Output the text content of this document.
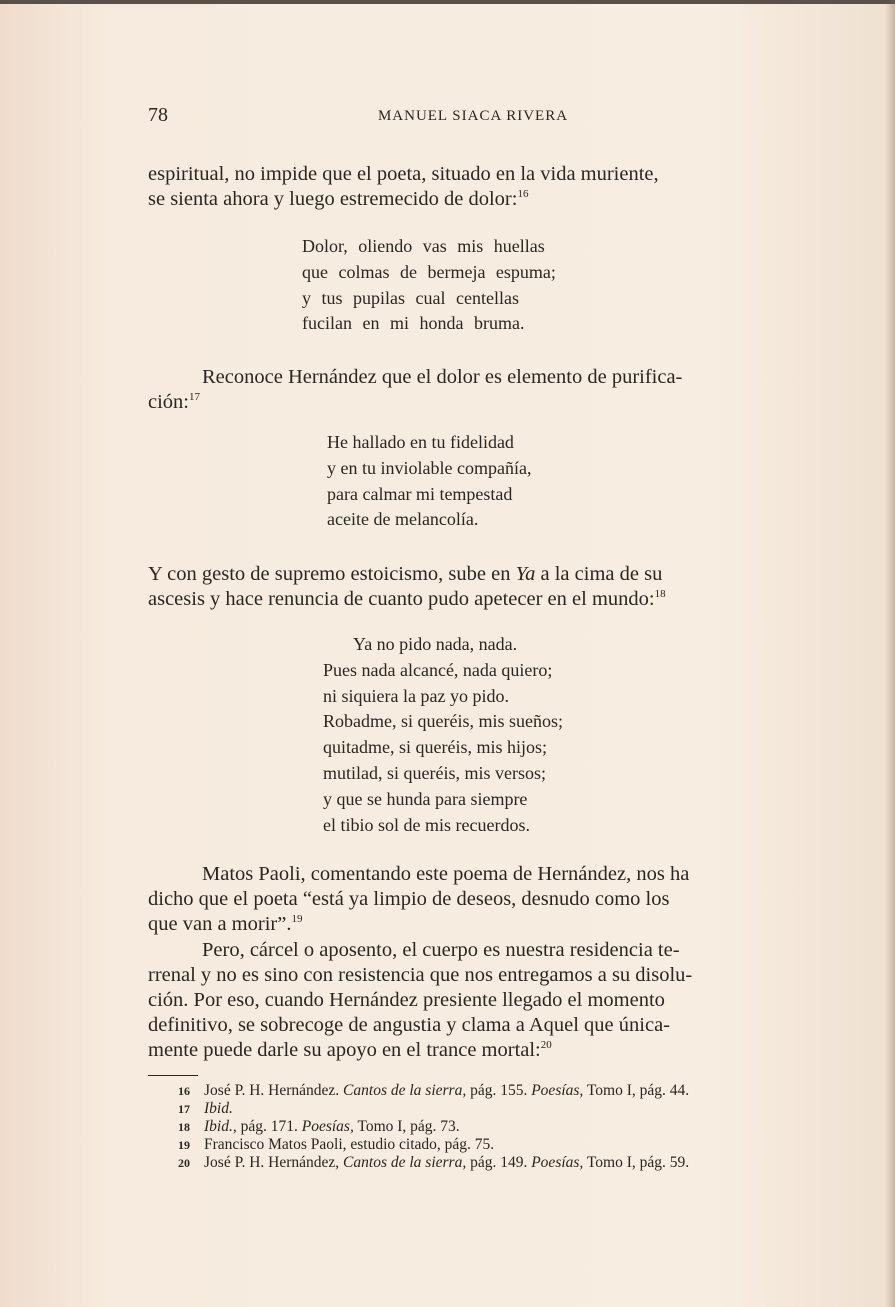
78	MANUEL SIACA RIVERA

espiritual, no impide que el poeta, situado en la vida muriente,
se sienta ahora y luego estremecido de dolor:$^{16}$

Dolor, oliendo vas mis huellas
que colmas de bermeja espuma;
y tus pupilas cual centellas
fucilan en mi honda bruma.

Reconoce Hernández que el dolor es elemento de purifica-
ción:$^{17}$

He hallado en tu fidelidad
y en tu inviolable compañía,
para calmar mi tempestad
aceite de melancolía.

Y con gesto de supremo estoicismo, sube en Ya a la cima de su
ascesis y hace renuncia de cuanto pudo apetecer en el mundo:$^{18}$

Ya no pido nada, nada.
Pues nada alcancé, nada quiero;
ni siquiera la paz yo pido.
Robadme, si queréis, mis sueños;
quitadme, si queréis, mis hijos;
mutilad, si queréis, mis versos;
y que se hunda para siempre
el tibio sol de mis recuerdos.

Matos Paoli, comentando este poema de Hernández, nos ha
dicho que el poeta “está ya limpio de deseos, desnudo como los
que van a morir”.$^{19}$

Pero, cárcel o aposento, el cuerpo es nuestra residencia te-
rrenal y no es sino con resistencia que nos entregamos a su disolu-
ción. Por eso, cuando Hernández presiente llegado el momento
definitivo, se sobrecoge de angustia y clama a Aquel que única-
mente puede darle su apoyo en el trance mortal:$^{20}$

16 José P. H. Hernández. Cantos de la sierra, pág. 155. Poesías, Tomo I, pág. 44.
17 Ibid.
18 Ibid., pág. 171. Poesías, Tomo I, pág. 73.
19 Francisco Matos Paoli, estudio citado, pág. 75.
20 José P. H. Hernández, Cantos de la sierra, pág. 149. Poesías, Tomo I, pág. 59.
